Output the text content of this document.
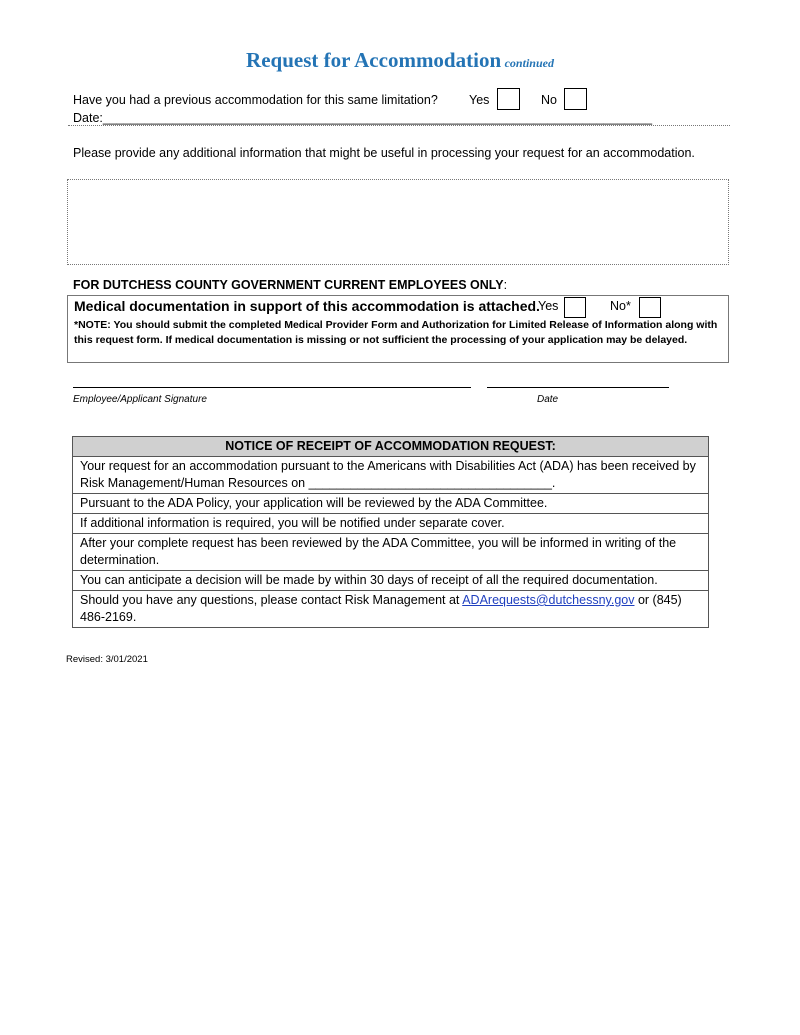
Request for Accommodation continued
Have you had a previous accommodation for this same limitation? Yes	No
Date:_______________________________________________________________________________
Please provide any additional information that might be useful in processing your request for an accommodation.
FOR DUTCHESS COUNTY GOVERNMENT CURRENT EMPLOYEES ONLY:
Medical documentation in support of this accommodation is attached.
Yes	No*
*NOTE: You should submit the completed Medical Provider Form and Authorization for Limited Release of Information along with this request form. If medical documentation is missing or not sufficient the processing of your application may be delayed.
Employee/Applicant Signature	Date
NOTICE OF RECEIPT OF ACCOMMODATION REQUEST:
Your request for an accommodation pursuant to the Americans with Disabilities Act (ADA) has been received by Risk Management/Human Resources on ___________________________________.
Pursuant to the ADA Policy, your application will be reviewed by the ADA Committee.
If additional information is required, you will be notified under separate cover.
After your complete request has been reviewed by the ADA Committee, you will be informed in writing of the determination.
You can anticipate a decision will be made by within 30 days of receipt of all the required documentation.
Should you have any questions, please contact Risk Management at ADArequests@dutchessny.gov or (845) 486-2169.
Revised: 3/01/2021
